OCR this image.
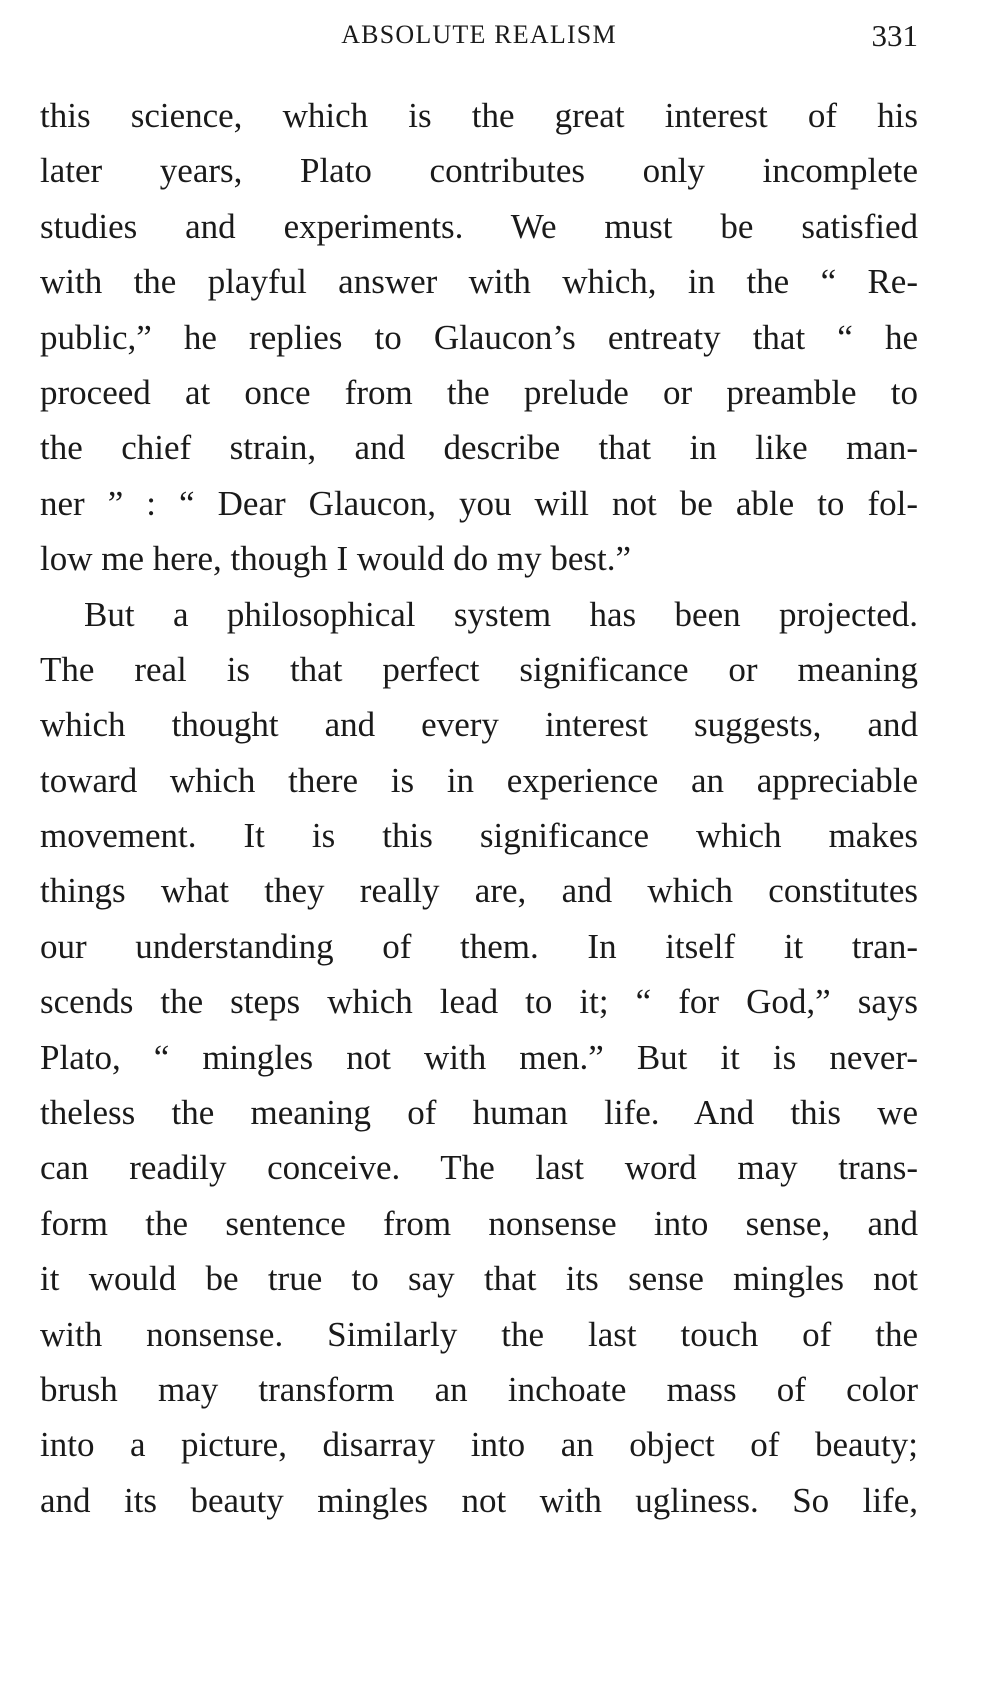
ABSOLUTE REALISM	331
this science, which is the great interest of his
later years, Plato contributes only incomplete
studies and experiments. We must be satisfied
with the playful answer with which, in the “ Re-
public,” he replies to Glaucon’s entreaty that “ he
proceed at once from the prelude or preamble to
the chief strain, and describe that in like man-
ner ” : “ Dear Glaucon, you will not be able to fol-
low me here, though I would do my best.”
But a philosophical system has been projected.
The real is that perfect significance or meaning
which thought and every interest suggests, and
toward which there is in experience an appreciable
movement. It is this significance which makes
things what they really are, and which constitutes
our understanding of them. In itself it tran-
scends the steps which lead to it; “ for God,” says
Plato, “ mingles not with men.” But it is never-
theless the meaning of human life. And this we
can readily conceive. The last word may trans-
form the sentence from nonsense into sense, and
it would be true to say that its sense mingles not
with nonsense. Similarly the last touch of the
brush may transform an inchoate mass of color
into a picture, disarray into an object of beauty;
and its beauty mingles not with ugliness. So life,
